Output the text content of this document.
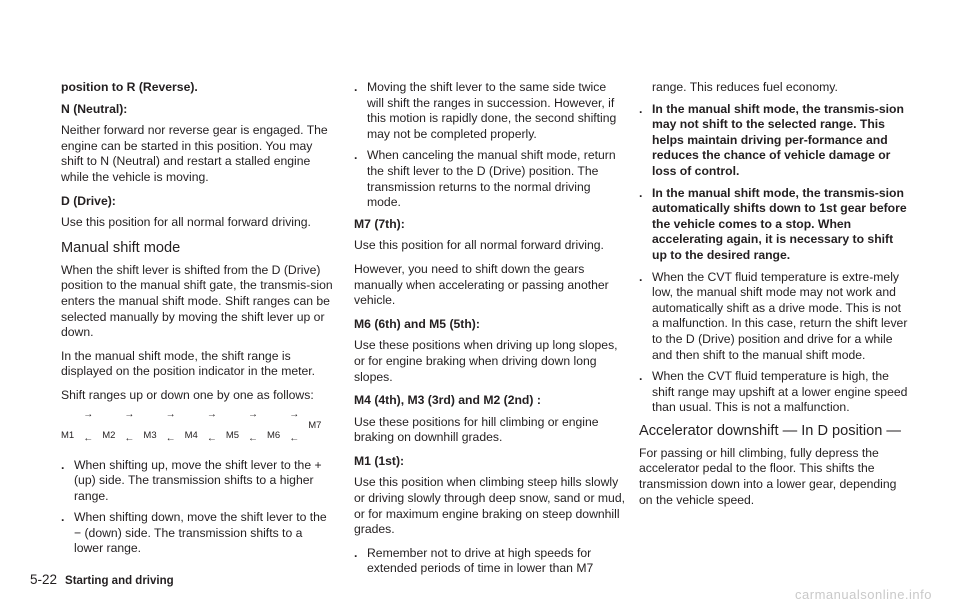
position to R (Reverse).

N (Neutral):

Neither forward nor reverse gear is engaged. The engine can be started in this position. You may shift to N (Neutral) and restart a stalled engine while the vehicle is moving.

D (Drive):

Use this position for all normal forward driving.

Manual shift mode

When the shift lever is shifted from the D (Drive) position to the manual shift gate, the transmis-sion enters the manual shift mode. Shift ranges can be selected manually by moving the shift lever up or down.

In the manual shift mode, the shift range is displayed on the position indicator in the meter.

Shift ranges up or down one by one as follows:

M1
→
← M2
→
← M3
→
← M4
→
← M5
→
← M6
→
←
M7
. When shifting up, move the shift lever to the + (up) side. The transmission shifts to a higher range.
. When shifting down, move the shift lever to the − (down) side. The transmission shifts to a lower range.
. Moving the shift lever to the same side twice will shift the ranges in succession. However, if this motion is rapidly done, the second shifting may not be completed properly.
. When canceling the manual shift mode, return the shift lever to the D (Drive) position. The transmission returns to the normal driving mode.

M7 (7th):

Use this position for all normal forward driving.

However, you need to shift down the gears manually when accelerating or passing another vehicle.

M6 (6th) and M5 (5th):

Use these positions when driving up long slopes, or for engine braking when driving down long slopes.

M4 (4th), M3 (3rd) and M2 (2nd) :

Use these positions for hill climbing or engine braking on downhill grades.

M1 (1st):

Use this position when climbing steep hills slowly or driving slowly through deep snow, sand or mud, or for maximum engine braking on steep downhill grades.

. Remember not to drive at high speeds for extended periods of time in lower than M7

range. This reduces fuel economy.

. In the manual shift mode, the transmis-sion may not shift to the selected range. This helps maintain driving per-formance and reduces the chance of vehicle damage or loss of control.
. In the manual shift mode, the transmis-sion automatically shifts down to 1st gear before the vehicle comes to a stop. When accelerating again, it is necessary to shift up to the desired range.
. When the CVT fluid temperature is extre-mely low, the manual shift mode may not work and automatically shift as a drive mode. This is not a malfunction. In this case, return the shift lever to the D (Drive) position and drive for a while and then shift to the manual shift mode.
. When the CVT fluid temperature is high, the shift range may upshift at a lower engine speed than usual. This is not a malfunction.

Accelerator downshift — In D position —

For passing or hill climbing, fully depress the accelerator pedal to the floor. This shifts the transmission down into a lower gear, depending on the vehicle speed.

5-22 Starting and driving
carmanualsonline.info
